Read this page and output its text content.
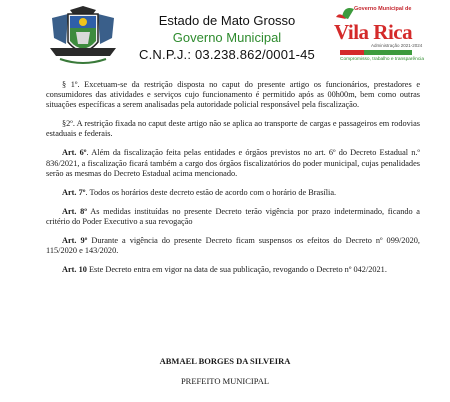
Estado de Mato Grosso
Governo Municipal
C.N.P.J.: 03.238.862/0001-45
Governo Municipal de
Vila Rica
Administração 2021-2024
Compromisso, trabalho e transparência

§ 1º. Excetuam-se da restrição disposta no caput do presente artigo os funcionários, prestadores e consumidores das atividades e serviços cujo funcionamento é permitido após as 00h00m, bem como outras situações específicas a serem analisadas pela autoridade policial responsável pela fiscalização.

§2º. A restrição fixada no caput deste artigo não se aplica ao transporte de cargas e passageiros em rodovias estaduais e federais.

Art. 6º. Além da fiscalização feita pelas entidades e órgãos previstos no art. 6º do Decreto Estadual n.º 836/2021, a fiscalização ficará também a cargo dos órgãos fiscalizatórios do poder municipal, cujas penalidades serão as mesmas do Decreto Estadual acima mencionado.

Art. 7º. Todos os horários deste decreto estão de acordo com o horário de Brasília.

Art. 8º As medidas instituídas no presente Decreto terão vigência por prazo indeterminado, ficando a critério do Poder Executivo a sua revogação

Art. 9º Durante a vigência do presente Decreto ficam suspensos os efeitos do Decreto nº 099/2020, 115/2020 e 143/2020.

Art. 10 Este Decreto entra em vigor na data de sua publicação, revogando o Decreto nº 042/2021.

ABMAEL BORGES DA SILVEIRA
PREFEITO MUNICIPAL
